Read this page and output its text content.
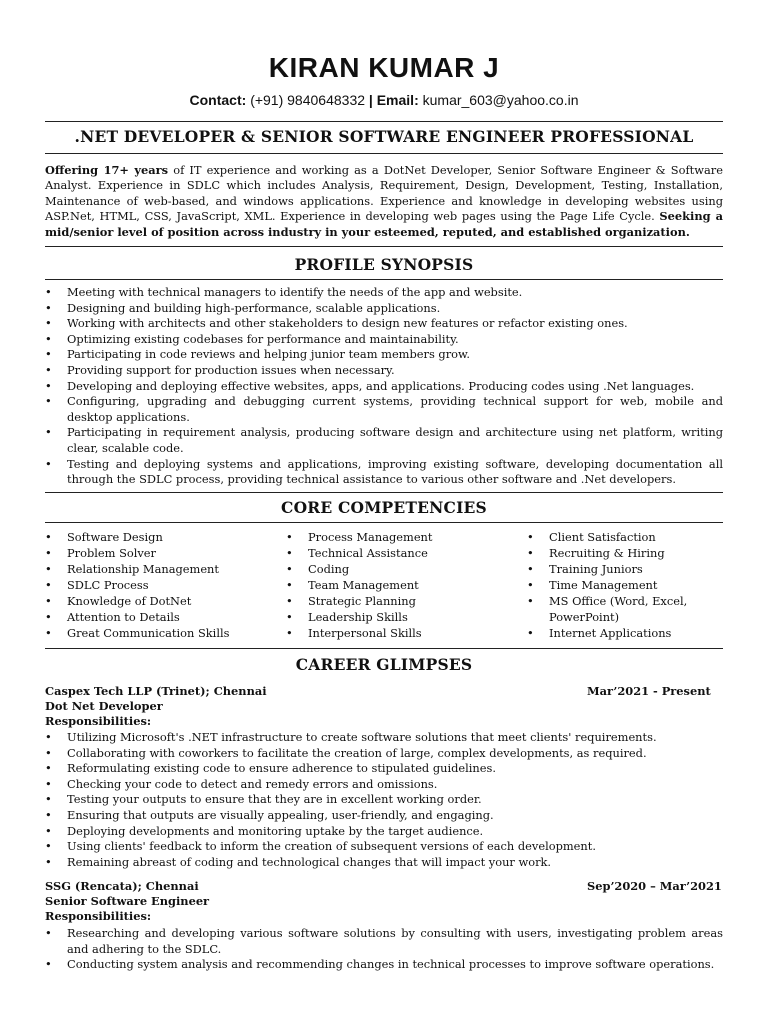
KIRAN KUMAR J
Contact: (+91) 9840648332 | Email: kumar_603@yahoo.co.in
.NET DEVELOPER & SENIOR SOFTWARE ENGINEER PROFESSIONAL
Offering 17+ years of IT experience and working as a DotNet Developer, Senior Software Engineer & Software Analyst. Experience in SDLC which includes Analysis, Requirement, Design, Development, Testing, Installation, Maintenance of web-based, and windows applications. Experience and knowledge in developing websites using ASP.Net, HTML, CSS, JavaScript, XML. Experience in developing web pages using the Page Life Cycle. Seeking a mid/senior level of position across industry in your esteemed, reputed, and established organization.
PROFILE SYNOPSIS
• Meeting with technical managers to identify the needs of the app and website.
• Designing and building high-performance, scalable applications.
• Working with architects and other stakeholders to design new features or refactor existing ones.
• Optimizing existing codebases for performance and maintainability.
• Participating in code reviews and helping junior team members grow.
• Providing support for production issues when necessary.
• Developing and deploying effective websites, apps, and applications. Producing codes using .Net languages.
• Configuring, upgrading and debugging current systems, providing technical support for web, mobile and desktop applications.
• Participating in requirement analysis, producing software design and architecture using net platform, writing clear, scalable code.
• Testing and deploying systems and applications, improving existing software, developing documentation all through the SDLC process, providing technical assistance to various other software and .Net developers.
CORE COMPETENCIES
• Software Design
• Problem Solver
• Relationship Management
• SDLC Process
• Knowledge of DotNet
• Attention to Details
• Great Communication Skills
• Process Management
• Technical Assistance
• Coding
• Team Management
• Strategic Planning
• Leadership Skills
• Interpersonal Skills
• Client Satisfaction
• Recruiting & Hiring
• Training Juniors
• Time Management
• MS Office (Word, Excel, PowerPoint)
• Internet Applications
CAREER GLIMPSES
Caspex Tech LLP (Trinet); Chennai	Mar’2021 - Present
Dot Net Developer
Responsibilities:
• Utilizing Microsoft's .NET infrastructure to create software solutions that meet clients' requirements.
• Collaborating with coworkers to facilitate the creation of large, complex developments, as required.
• Reformulating existing code to ensure adherence to stipulated guidelines.
• Checking your code to detect and remedy errors and omissions.
• Testing your outputs to ensure that they are in excellent working order.
• Ensuring that outputs are visually appealing, user-friendly, and engaging.
• Deploying developments and monitoring uptake by the target audience.
• Using clients' feedback to inform the creation of subsequent versions of each development.
• Remaining abreast of coding and technological changes that will impact your work.
SSG (Rencata); Chennai	Sep’2020 – Mar’2021
Senior Software Engineer
Responsibilities:
• Researching and developing various software solutions by consulting with users, investigating problem areas and adhering to the SDLC.
• Conducting system analysis and recommending changes in technical processes to improve software operations.
